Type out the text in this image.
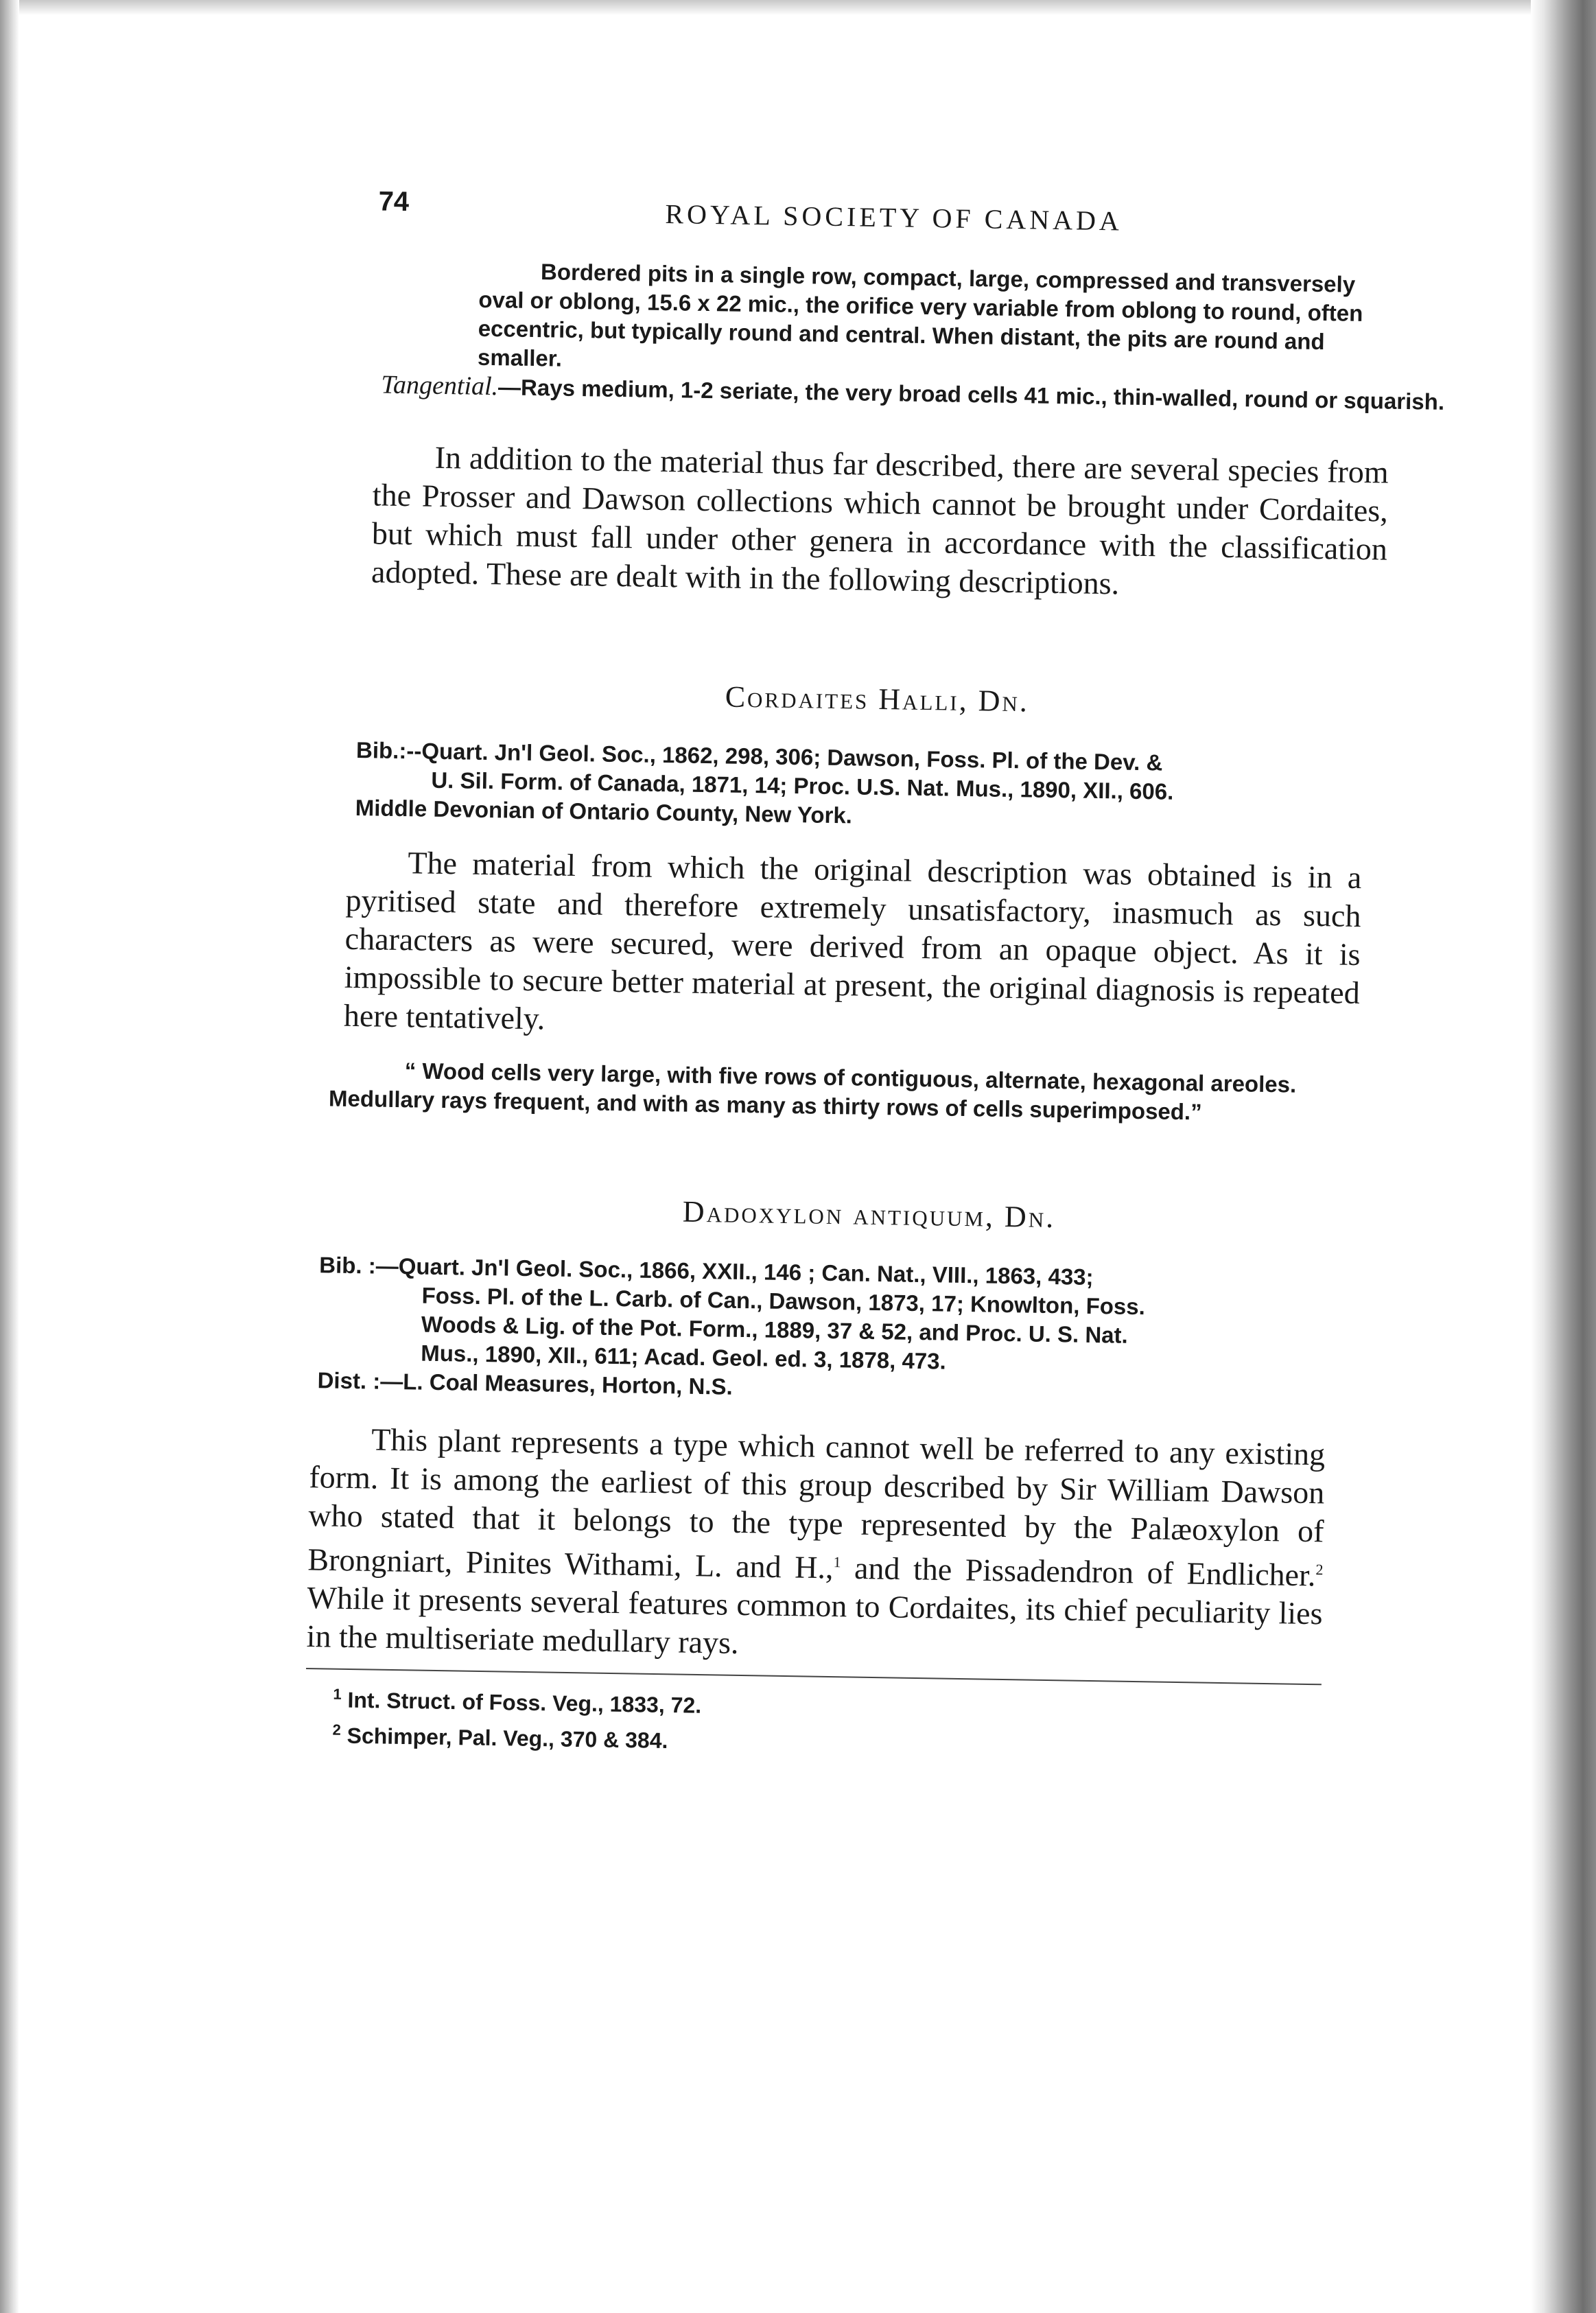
74	ROYAL SOCIETY OF CANADA

Bordered pits in a single row, compact, large, compressed and transversely oval or oblong, 15.6 x 22 mic., the orifice very variable from oblong to round, often eccentric, but typically round and central. When distant, the pits are round and smaller.

Tangential.—Rays medium, 1-2 seriate, the very broad cells 41 mic., thin-walled, round or squarish.

In addition to the material thus far described, there are several species from the Prosser and Dawson collections which cannot be brought under Cordaites, but which must fall under other genera in accordance with the classification adopted. These are dealt with in the following descriptions.

Cordaites Halli, Dn.

Bib.:--Quart. Jn'l Geol. Soc., 1862, 298, 306; Dawson, Foss. Pl. of the Dev. &
U. Sil. Form. of Canada, 1871, 14; Proc. U.S. Nat. Mus., 1890, XII., 606.
Middle Devonian of Ontario County, New York.

The material from which the original description was obtained is in a pyritised state and therefore extremely unsatisfactory, inasmuch as such characters as were secured, were derived from an opaque object. As it is impossible to secure better material at present, the original diagnosis is repeated here tentatively.

“ Wood cells very large, with five rows of contiguous, alternate, hexagonal areoles. Medullary rays frequent, and with as many as thirty rows of cells superimposed.”

Dadoxylon antiquum, Dn.

Bib. :—Quart. Jn'l Geol. Soc., 1866, XXII., 146 ; Can. Nat., VIII., 1863, 433;
Foss. Pl. of the L. Carb. of Can., Dawson, 1873, 17; Knowlton, Foss.
Woods & Lig. of the Pot. Form., 1889, 37 & 52, and Proc. U. S. Nat.
Mus., 1890, XII., 611; Acad. Geol. ed. 3, 1878, 473.

Dist. :—L. Coal Measures, Horton, N.S.

This plant represents a type which cannot well be referred to any existing form. It is among the earliest of this group described by Sir William Dawson who stated that it belongs to the type represented by the Palæoxylon of Brongniart, Pinites Withami, L. and H.,$^1$ and the Pissadendron of Endlicher.$^2$ While it presents several features common to Cordaites, its chief peculiarity lies in the multiseriate medullary rays.

$^1$ Int. Struct. of Foss. Veg., 1833, 72.
$^2$ Schimper, Pal. Veg., 370 & 384.
